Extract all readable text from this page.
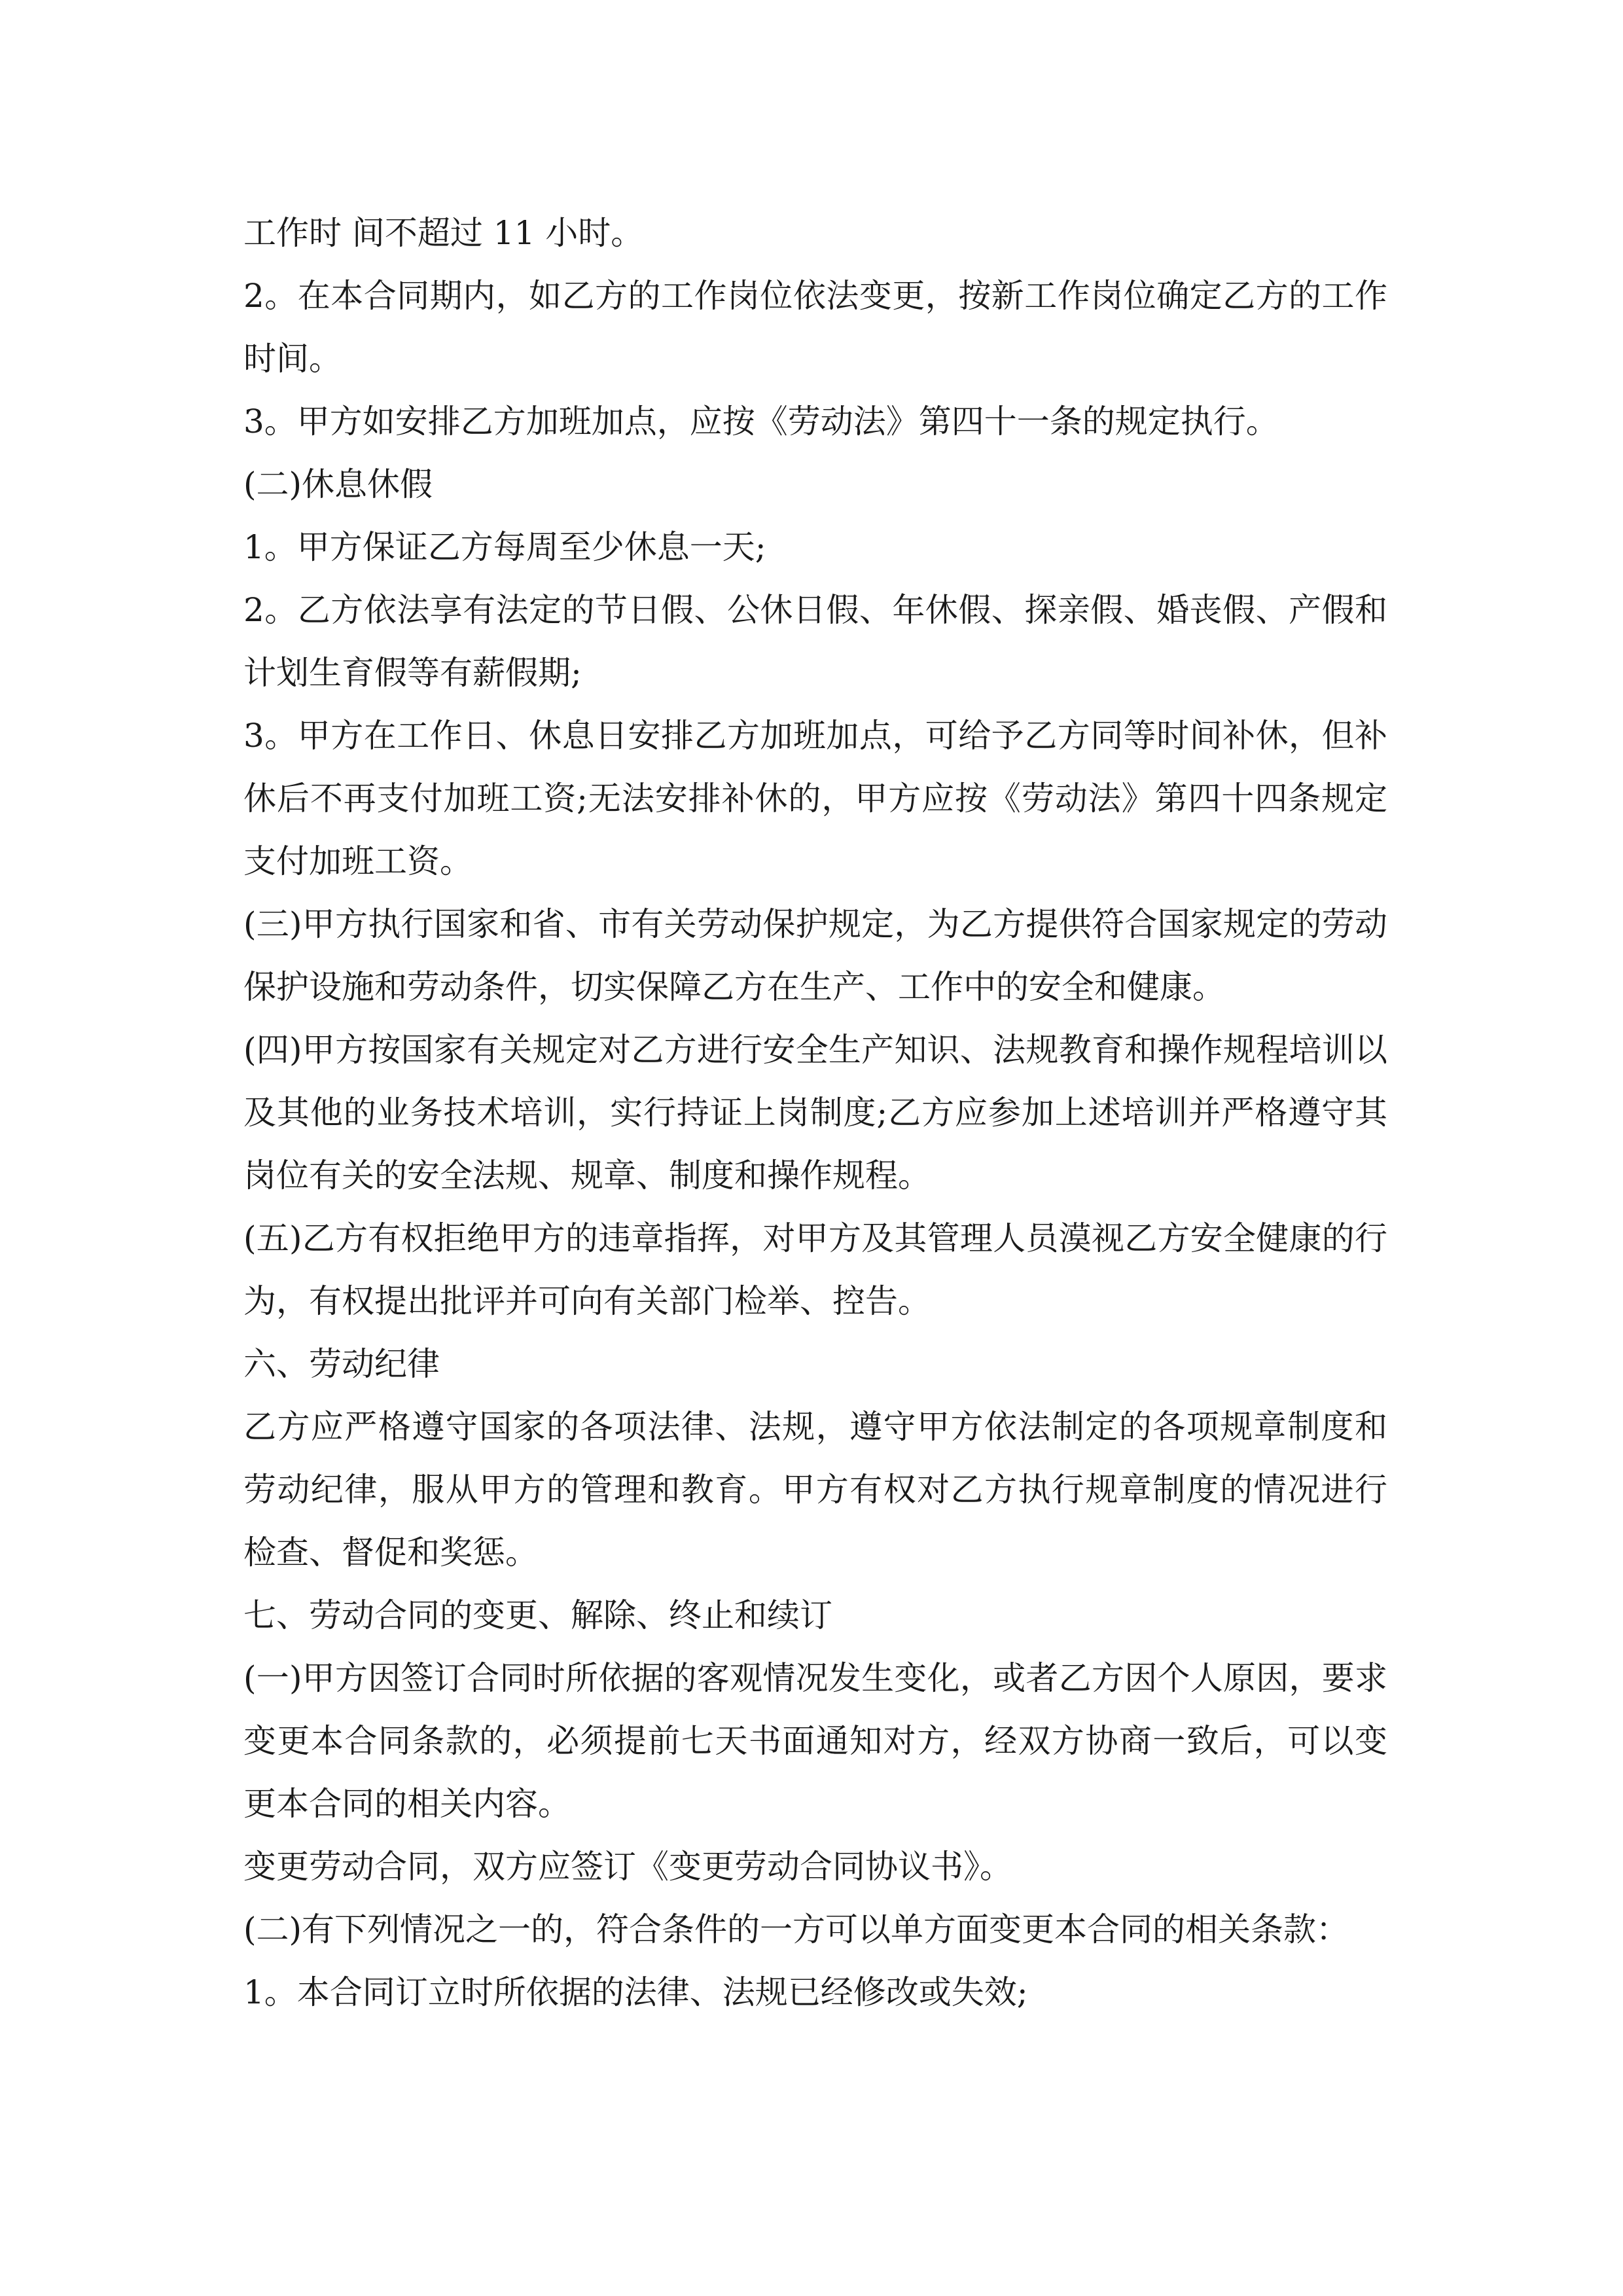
工作时 间不超过 11 小时。

2。在本合同期内，如乙方的工作岗位依法变更，按新工作岗位确定乙方的工作时间。

3。甲方如安排乙方加班加点，应按《劳动法》第四十一条的规定执行。

(二)休息休假

1。甲方保证乙方每周至少休息一天;

2。乙方依法享有法定的节日假、公休日假、年休假、探亲假、婚丧假、产假和计划生育假等有薪假期;

3。甲方在工作日、休息日安排乙方加班加点，可给予乙方同等时间补休，但补休后不再支付加班工资;无法安排补休的，甲方应按《劳动法》第四十四条规定支付加班工资。

(三)甲方执行国家和省、市有关劳动保护规定，为乙方提供符合国家规定的劳动保护设施和劳动条件，切实保障乙方在生产、工作中的安全和健康。

(四)甲方按国家有关规定对乙方进行安全生产知识、法规教育和操作规程培训以及其他的业务技术培训，实行持证上岗制度;乙方应参加上述培训并严格遵守其岗位有关的安全法规、规章、制度和操作规程。

(五)乙方有权拒绝甲方的违章指挥，对甲方及其管理人员漠视乙方安全健康的行为，有权提出批评并可向有关部门检举、控告。

六、劳动纪律

乙方应严格遵守国家的各项法律、法规，遵守甲方依法制定的各项规章制度和劳动纪律，服从甲方的管理和教育。甲方有权对乙方执行规章制度的情况进行检查、督促和奖惩。

七、劳动合同的变更、解除、终止和续订

(一)甲方因签订合同时所依据的客观情况发生变化，或者乙方因个人原因，要求变更本合同条款的，必须提前七天书面通知对方，经双方协商一致后，可以变更本合同的相关内容。

变更劳动合同，双方应签订《变更劳动合同协议书》。

(二)有下列情况之一的，符合条件的一方可以单方面变更本合同的相关条款：

1。本合同订立时所依据的法律、法规已经修改或失效;
